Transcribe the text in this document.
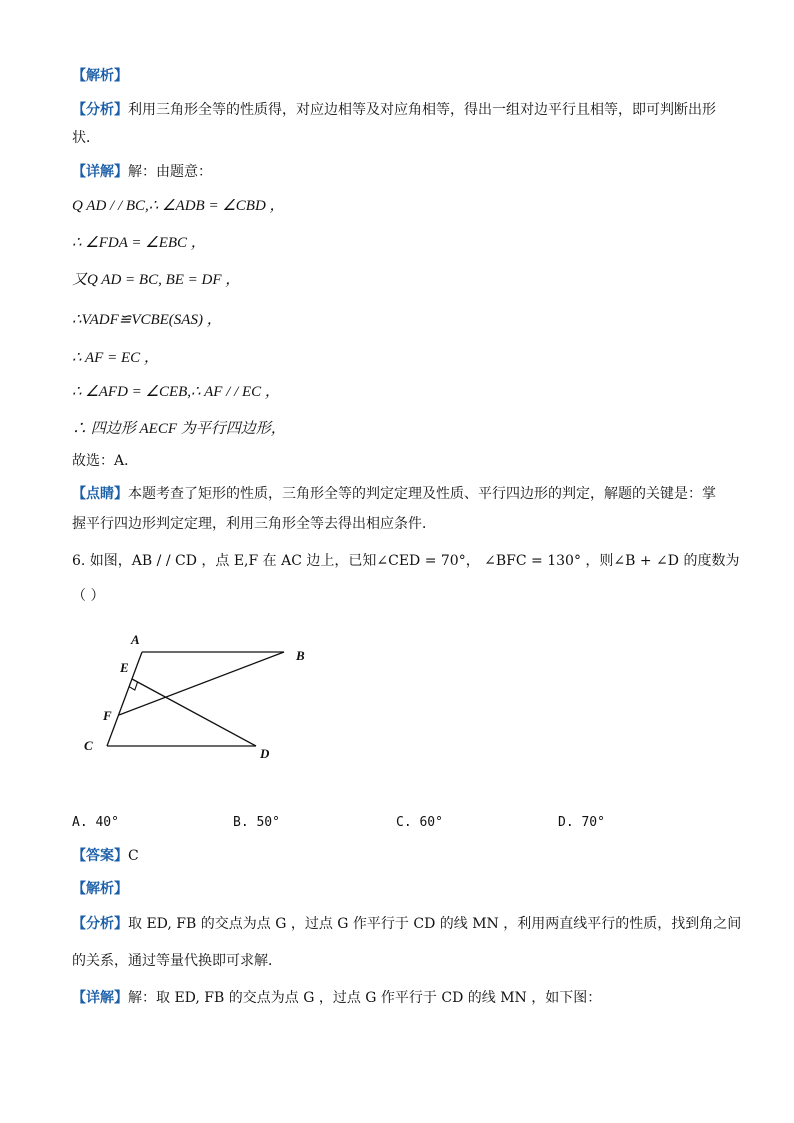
【解析】
【分析】利用三角形全等的性质得，对应边相等及对应角相等，得出一组对边平行且相等，即可判断出形
状．
【详解】解：由题意：
Q AD / / BC,∴ ∠ADB = ∠CBD ，
∴ ∠FDA = ∠EBC ，
又Q AD = BC, BE = DF ，
∴VADF≌VCBE(SAS) ，
∴ AF = EC ，
∴ ∠AFD = ∠CEB,∴ AF / / EC ，
∴ 四边形 AECF 为平行四边形，
故选：A．
【点睛】本题考查了矩形的性质，三角形全等的判定定理及性质、平行四边形的判定，解题的关键是：掌
握平行四边形判定定理，利用三角形全等去得出相应条件．
6. 如图，AB / / CD ，点 E,F 在 AC 边上，已知∠CED = 70°， ∠BFC = 130° ，则∠B + ∠D 的度数为
（ ）
A
B
E
F
C
D
A. 40°	B. 50°	C. 60°	D. 70°
【答案】C
【解析】
【分析】取 ED, FB 的交点为点 G ，过点 G 作平行于 CD 的线 MN ，利用两直线平行的性质，找到角之间
的关系，通过等量代换即可求解．
【详解】解：取 ED, FB 的交点为点 G ，过点 G 作平行于 CD 的线 MN ，如下图：
